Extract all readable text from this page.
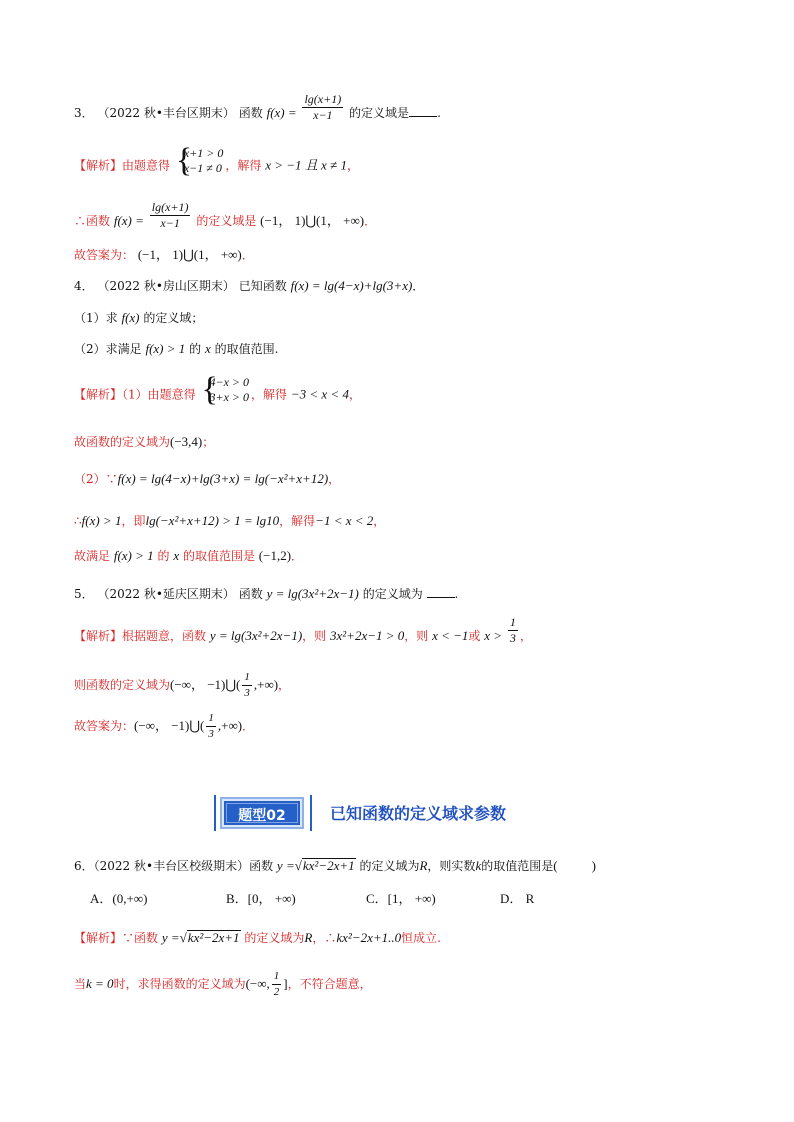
3． （2022 秋•丰台区期末） 函数 $f(x) = \frac{\lg(x+1)}{x-1}$ 的定义域是 .
【解析】由题意得 {
x+1 > 0
x−1 ≠ 0 ，解得 x > −1 且 x ≠ 1，
∴函数 $f(x) = \frac{\lg(x+1)}{x-1}$ 的定义域是 (−1， 1)⋃(1， +∞)．
故答案为： (−1， 1)⋃(1， +∞)．
4． （2022 秋•房山区期末） 已知函数 f(x) = lg(4−x)+lg(3+x)．
（1）求 f(x) 的定义域；
（2）求满足 f(x) > 1 的 x 的取值范围.
【解析】（1）由题意得 {
4−x > 0
3+x > 0 ，解得 −3 < x < 4，
故函数的定义域为(−3,4)；
（2）∵f(x) = lg(4−x)+lg(3+x) = lg(−x²+x+12)，
∴f(x) > 1，即lg(−x²+x+12) > 1 = lg10，解得−1 < x < 2，
故满足 f(x) > 1 的 x 的取值范围是 (−1,2)．
5． （2022 秋•延庆区期末） 函数 y = lg(3x²+2x−1) 的定义域为	.
【解析】根据题意，函数 y = lg(3x²+2x−1)，则 3x²+2x−1 > 0，则 x < −1或 $x > \frac{1}{3}$ ，
则函数的定义域为(−∞， −1)⋃( $\frac{1}{3}$ ,+∞)，
故答案为：(−∞， −1)⋃( $\frac{1}{3}$ ,+∞)．
题型02	已知函数的定义域求参数
6．（2022 秋•丰台区校级期末）函数 y =√kx²−2x+1 的定义域为R，则实数k的取值范围是(	)
A．(0,+∞)	B．[0， +∞)	C．[1， +∞)	D． R
【解析】∵函数 y =√kx²−2x+1 的定义域为R，∴kx²−2x+1..0恒成立.
当k = 0时，求得函数的定义域为(−∞, $\frac{1}{2}$ ]，不符合题意，
